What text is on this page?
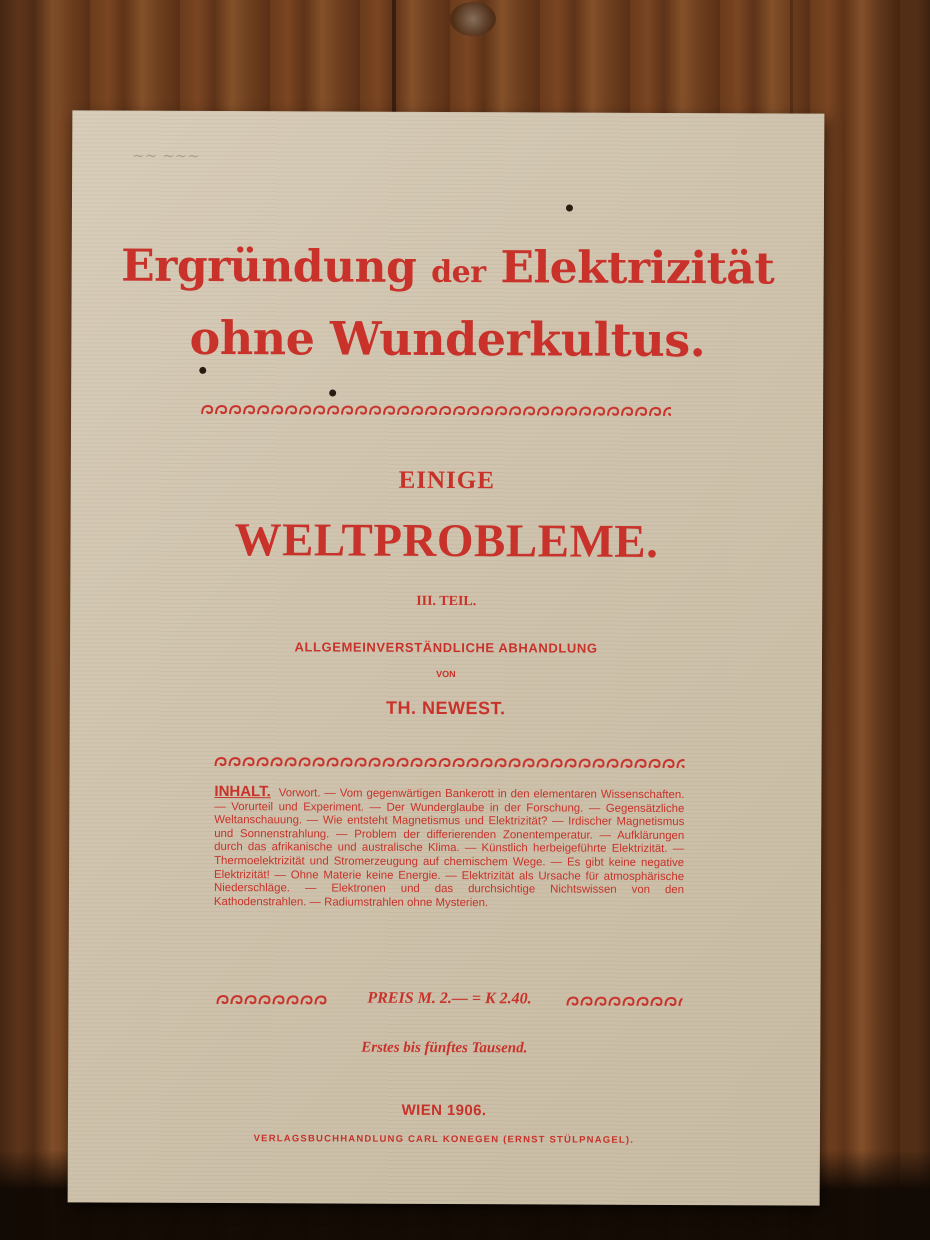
~~ ~~~
Ergründung der Elektrizität
ohne Wunderkultus.
EINIGE
WELTPROBLEME.
III. TEIL.
ALLGEMEINVERSTÄNDLICHE ABHANDLUNG
VON
TH. NEWEST.
INHALT. Vorwort. — Vom gegenwärtigen Bankerott in den elementaren Wissenschaften. — Vorurteil und Experiment. — Der Wunderglaube in der Forschung. — Gegensätzliche Weltanschauung. — Wie entsteht Magnetismus und Elektrizität? — Irdischer Magnetismus und Sonnenstrahlung. — Problem der differierenden Zonentemperatur. — Aufklärungen durch das afrikanische und australische Klima. — Künstlich herbeigeführte Elektrizität. — Thermoelektrizität und Stromerzeugung auf chemischem Wege. — Es gibt keine negative Elektrizität! — Ohne Materie keine Energie. — Elektrizität als Ursache für atmosphärische Niederschläge. — Elektronen und das durchsichtige Nichtswissen von den Kathodenstrahlen. — Radiumstrahlen ohne Mysterien.
PREIS M. 2.— = K 2.40.
Erstes bis fünftes Tausend.
WIEN 1906.
VERLAGSBUCHHANDLUNG CARL KONEGEN (ERNST STÜLPNAGEL).
